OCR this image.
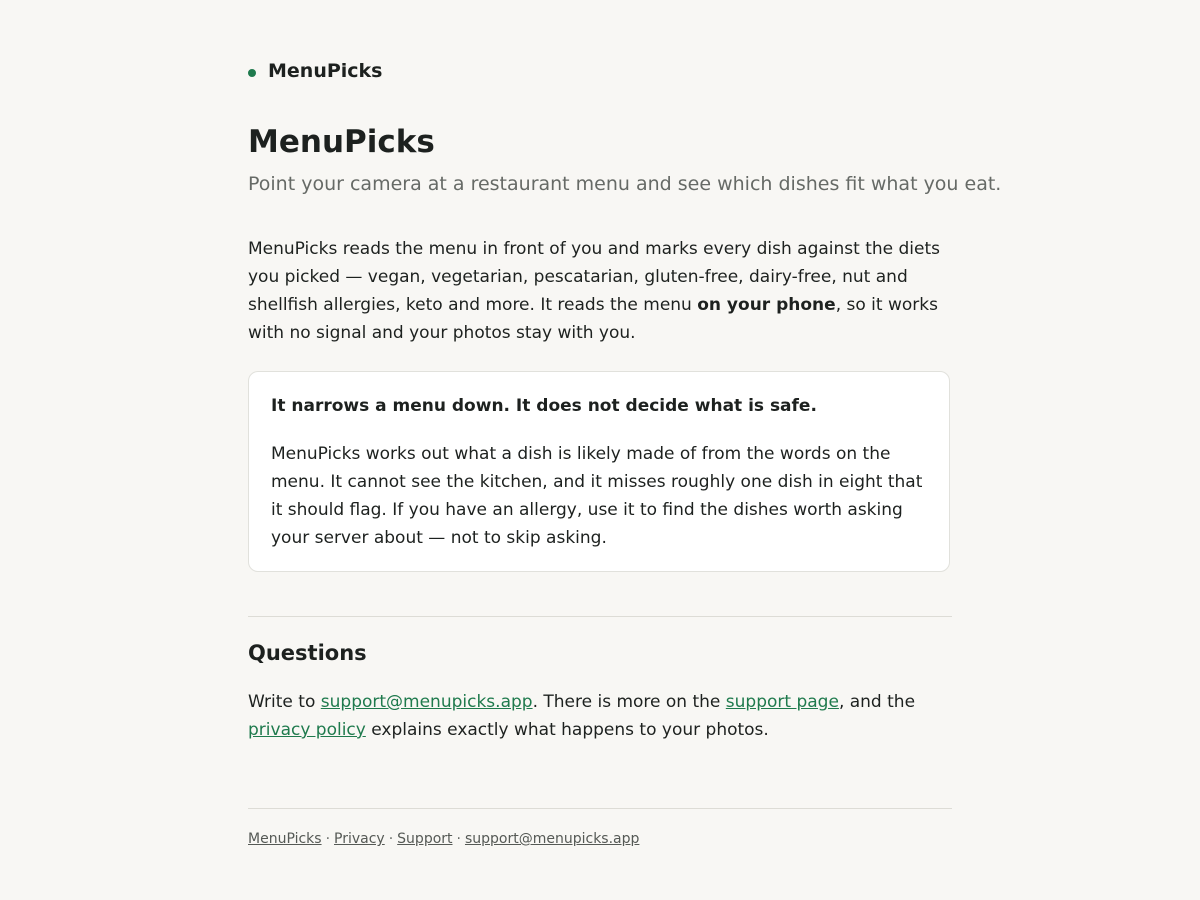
MenuPicks
MenuPicks

Point your camera at a restaurant menu and see which dishes fit what you eat.

MenuPicks reads the menu in front of you and marks every dish against the diets you picked — vegan, vegetarian, pescatarian, gluten-free, dairy-free, nut and shellfish allergies, keto and more. It reads the menu on your phone, so it works with no signal and your photos stay with you.

It narrows a menu down. It does not decide what is safe.

MenuPicks works out what a dish is likely made of from the words on the menu. It cannot see the kitchen, and it misses roughly one dish in eight that it should flag. If you have an allergy, use it to find the dishes worth asking your server about — not to skip asking.

Questions

Write to support@menupicks.app. There is more on the support page, and the privacy policy explains exactly what happens to your photos.

MenuPicks · Privacy · Support · support@menupicks.app
